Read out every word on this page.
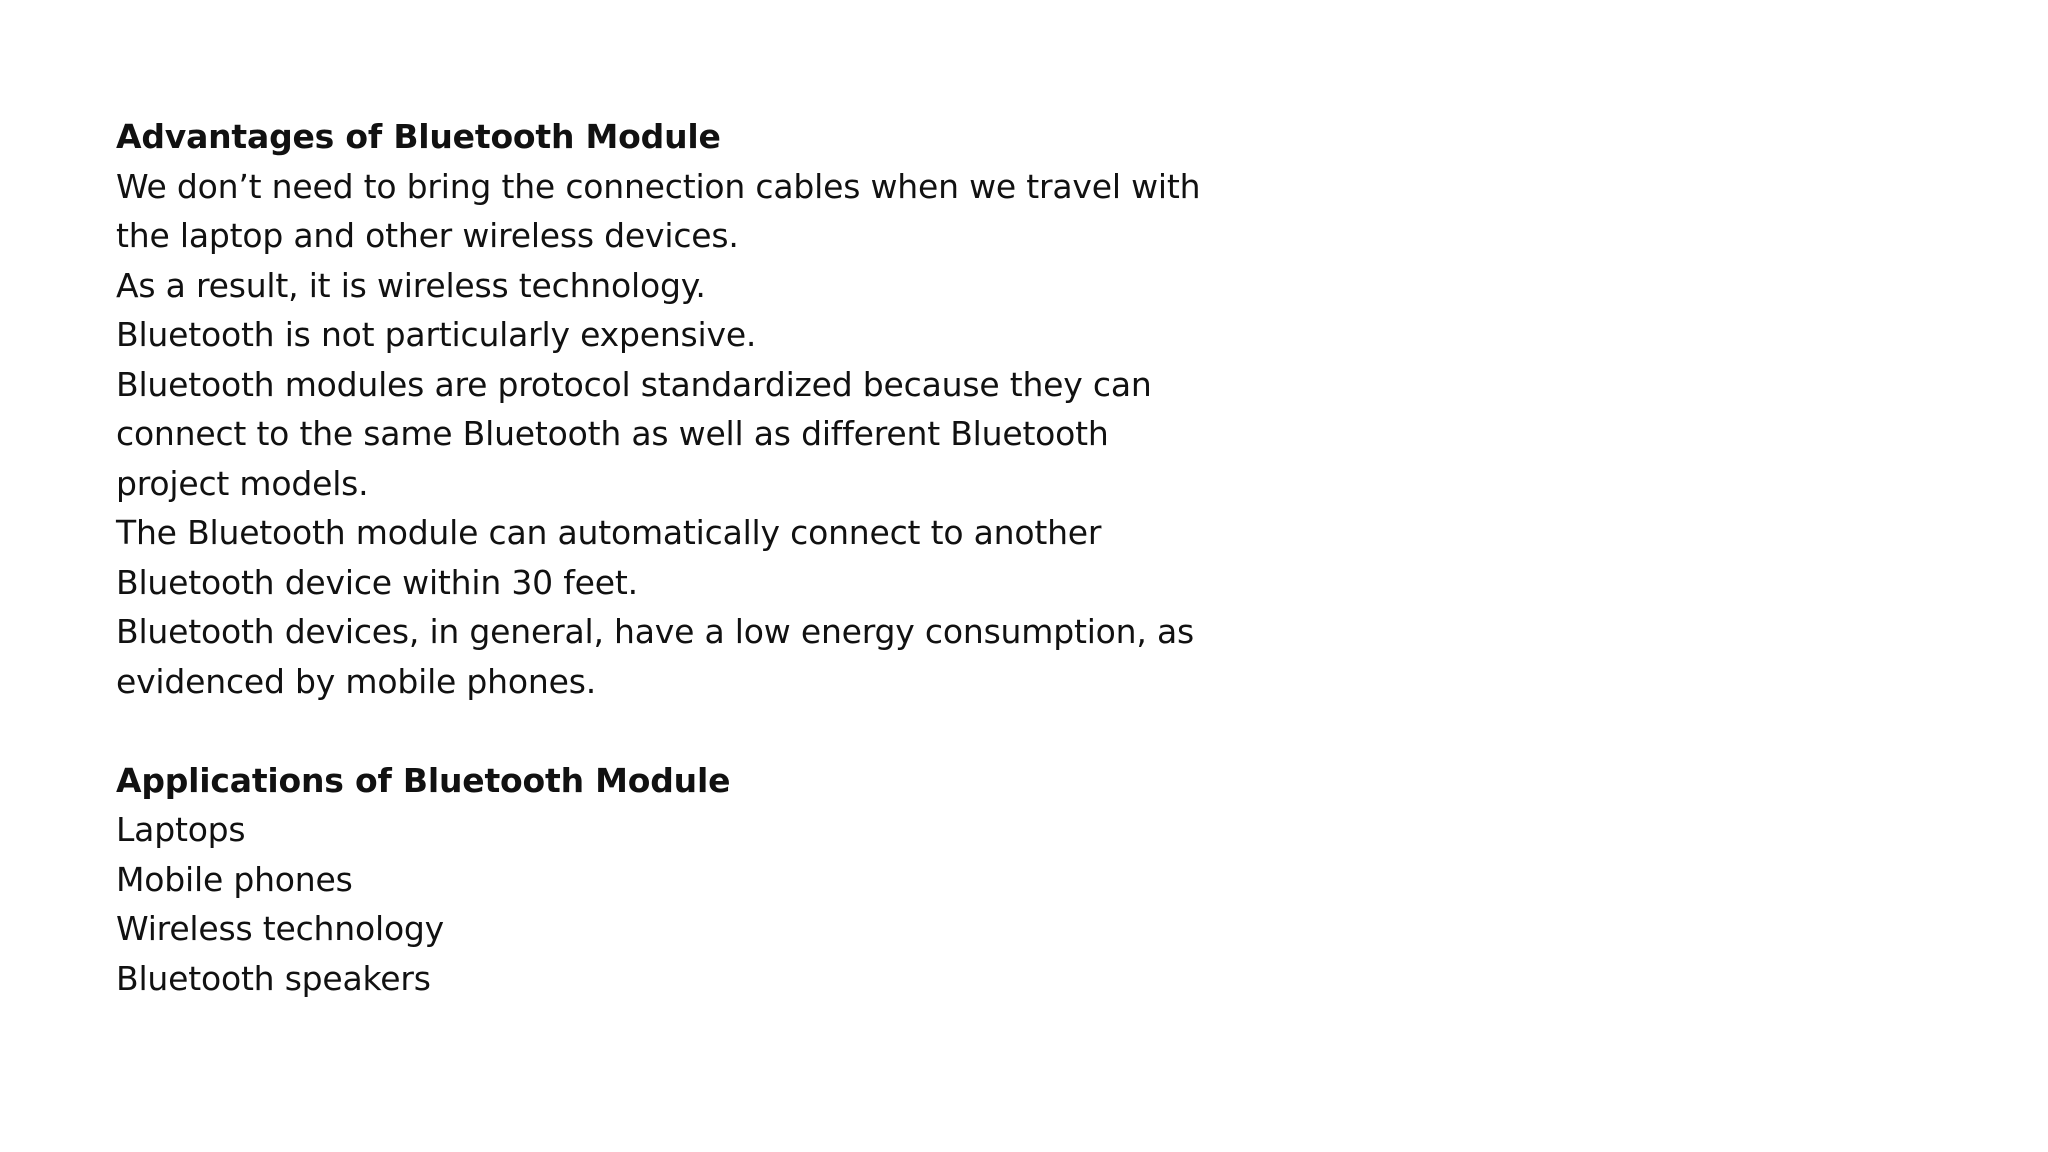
Advantages of Bluetooth Module

We don’t need to bring the connection cables when we travel with

the laptop and other wireless devices.

As a result, it is wireless technology.

Bluetooth is not particularly expensive.

Bluetooth modules are protocol standardized because they can

connect to the same Bluetooth as well as different Bluetooth

project models.

The Bluetooth module can automatically connect to another

Bluetooth device within 30 feet.

Bluetooth devices, in general, have a low energy consumption, as

evidenced by mobile phones.

Applications of Bluetooth Module

Laptops

Mobile phones

Wireless technology

Bluetooth speakers
